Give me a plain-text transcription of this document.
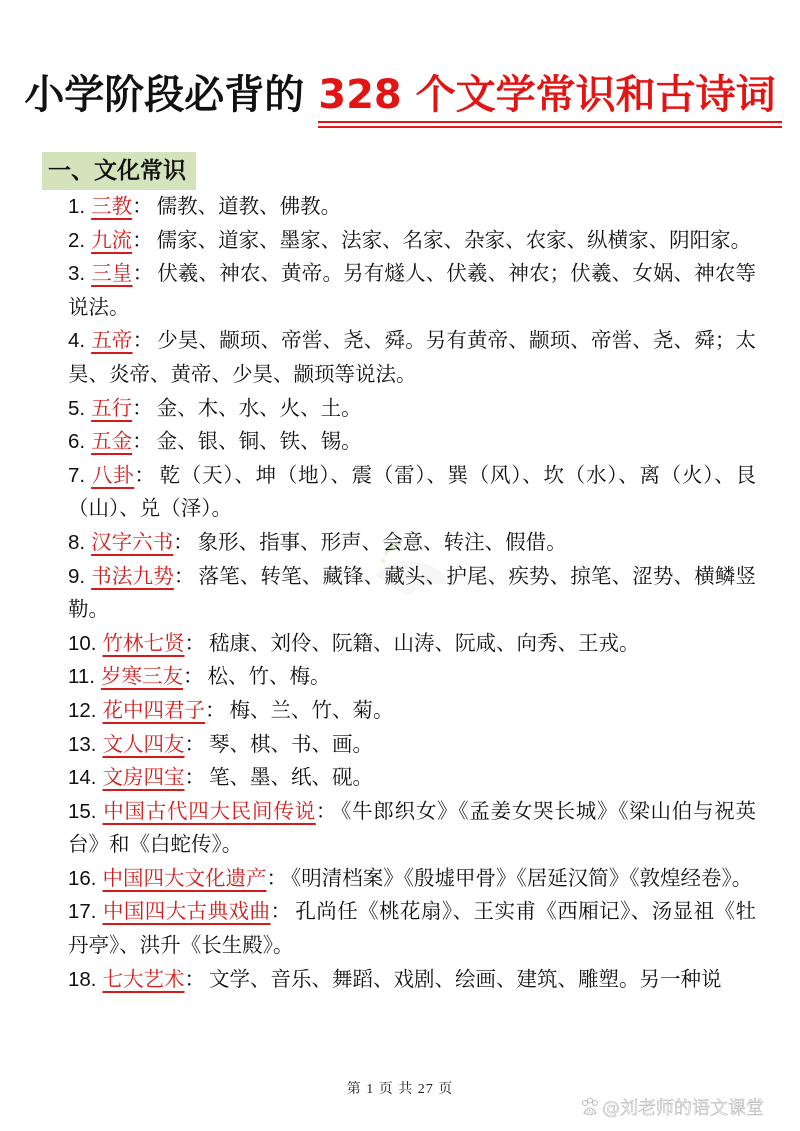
小学阶段必背的 328 个文学常识和古诗词
一、文化常识

1. 三教： 儒教、道教、佛教。

2. 九流： 儒家、道家、墨家、法家、名家、杂家、农家、纵横家、阴阳家。

3. 三皇： 伏羲、神农、黄帝。另有燧人、伏羲、神农；伏羲、女娲、神农等说法。

4. 五帝： 少昊、颛顼、帝喾、尧、舜。另有黄帝、颛顼、帝喾、尧、舜；太昊、炎帝、黄帝、少昊、颛顼等说法。

5. 五行： 金、木、水、火、土。

6. 五金： 金、银、铜、铁、锡。

7. 八卦： 乾（天）、坤（地）、震（雷）、巽（风）、坎（水）、离（火）、艮（山）、兑（泽）。

8. 汉字六书： 象形、指事、形声、会意、转注、假借。

9. 书法九势： 落笔、转笔、藏锋、藏头、护尾、疾势、掠笔、涩势、横鳞竖勒。

10. 竹林七贤： 嵇康、刘伶、阮籍、山涛、阮咸、向秀、王戎。

11. 岁寒三友： 松、竹、梅。

12. 花中四君子： 梅、兰、竹、菊。

13. 文人四友： 琴、棋、书、画。

14. 文房四宝： 笔、墨、纸、砚。

15. 中国古代四大民间传说： 《牛郎织女》《孟姜女哭长城》《梁山伯与祝英台》和《白蛇传》。

16. 中国四大文化遗产： 《明清档案》《殷墟甲骨》《居延汉简》《敦煌经卷》。

17. 中国四大古典戏曲： 孔尚任《桃花扇》、王实甫《西厢记》、汤显祖《牡丹亭》、洪升《长生殿》。

18. 七大艺术： 文学、音乐、舞蹈、戏剧、绘画、建筑、雕塑。另一种说

第 1 页 共 27 页
du @刘老师的语文课堂
